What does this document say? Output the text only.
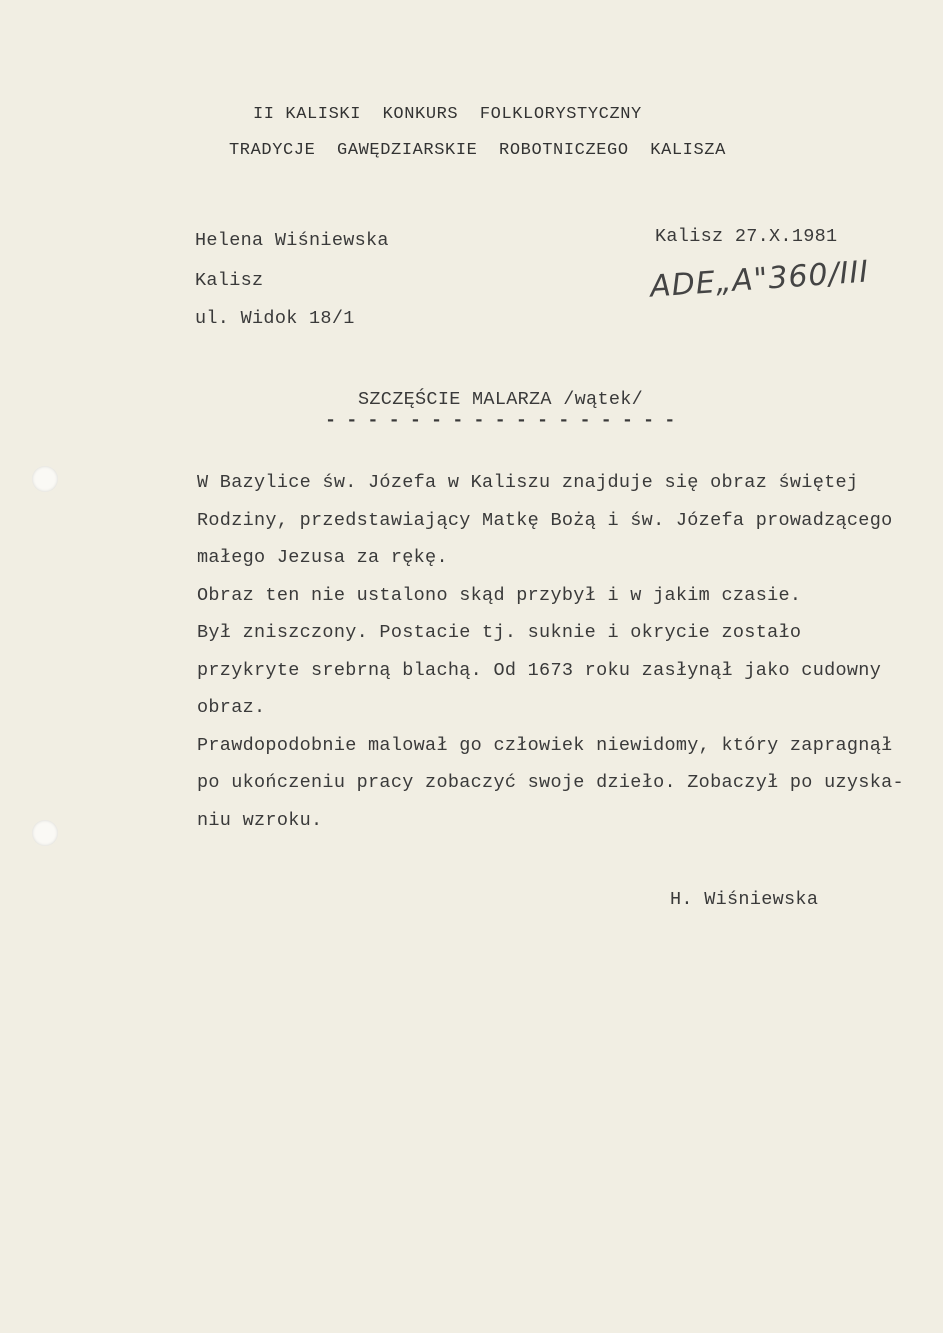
II KALISKI  KONKURS  FOLKLORYSTYCZNY
TRADYCJE  GAWĘDZIARSKIE  ROBOTNICZEGO  KALISZA
Helena Wiśniewska
Kalisz
ul. Widok 18/1
Kalisz 27.X.1981
ADE„A"360/III
SZCZĘŚCIE MALARZA /wątek/
- - - - - - - - - - - - - - - - -

W Bazylice św. Józefa w Kaliszu znajduje się obraz świętej

Rodziny, przedstawiający Matkę Bożą i św. Józefa prowadzącego

małego Jezusa za rękę.

Obraz ten nie ustalono skąd przybył i w jakim czasie.

Był zniszczony. Postacie tj. suknie i okrycie zostało

przykryte srebrną blachą. Od 1673 roku zasłynął jako cudowny

obraz.

Prawdopodobnie malował go człowiek niewidomy, który zapragnął

po ukończeniu pracy zobaczyć swoje dzieło. Zobaczył po uzyska-

niu wzroku.

H. Wiśniewska
